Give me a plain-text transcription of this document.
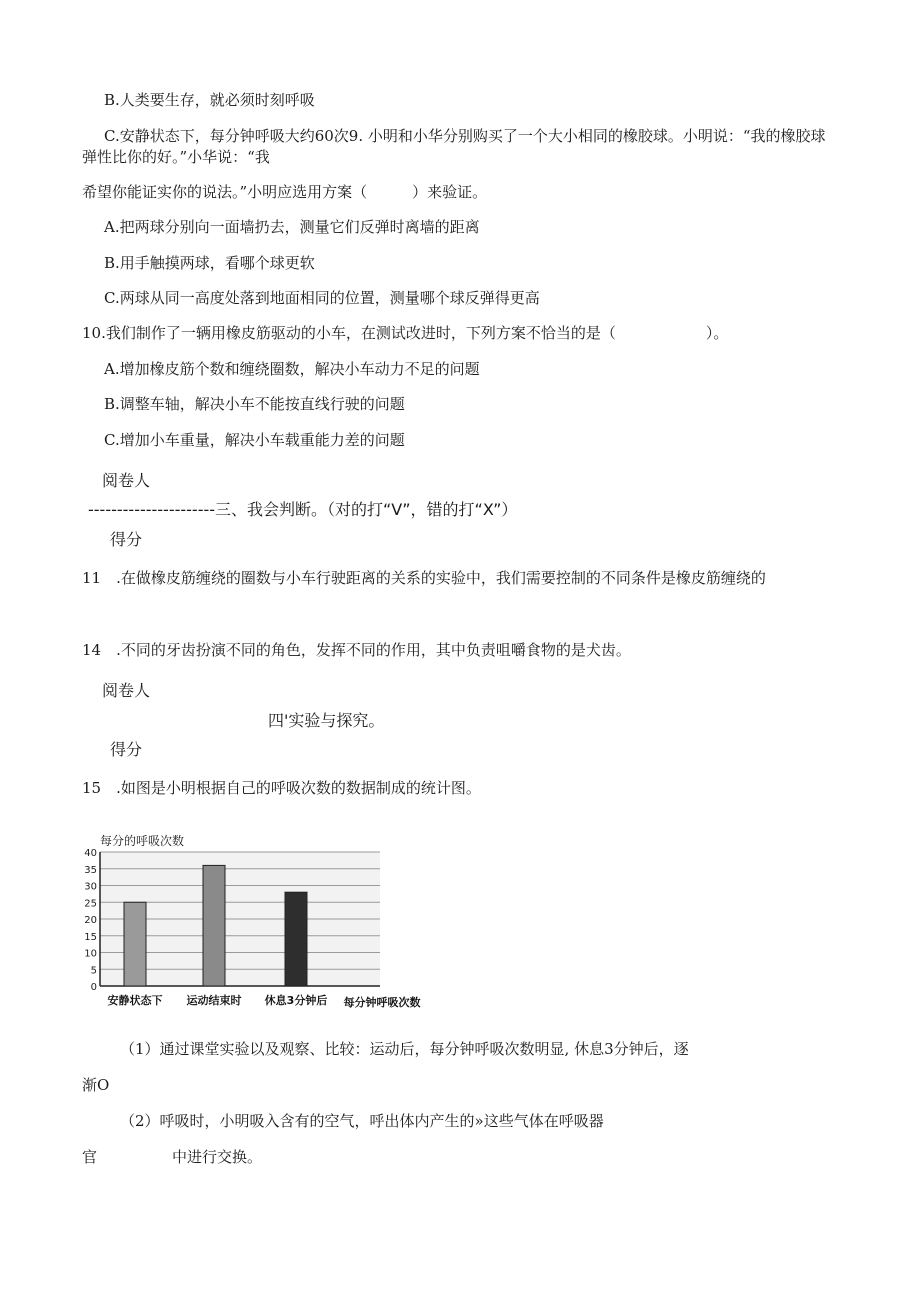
B.人类要生存，就必须时刻呼吸
C.安静状态下，每分钟呼吸大约60次9. 小明和小华分别购买了一个大小相同的橡胶球。小明说：“我的橡胶球
弹性比你的好。”小华说：“我
希望你能证实你的说法。”小明应选用方案（　　　）来验证。
A.把两球分别向一面墙扔去，测量它们反弹时离墙的距离
B.用手触摸两球，看哪个球更软
C.两球从同一高度处落到地面相同的位置，测量哪个球反弹得更高
10.我们制作了一辆用橡皮筋驱动的小车，在测试改进时，下列方案不恰当的是（　　　　　　）。
A.增加橡皮筋个数和缠绕圈数，解决小车动力不足的问题
B.调整车轴，解决小车不能按直线行驶的问题
C.增加小车重量，解决小车载重能力差的问题
阅卷人
----------------------三、我会判断。（对的打“V”，错的打“X”）
得分
11　.在做橡皮筋缠绕的圈数与小车行驶距离的关系的实验中，我们需要控制的不同条件是橡皮筋缠绕的
14　.不同的牙齿扮演不同的角色，发挥不同的作用，其中负责咀嚼食物的是犬齿。
阅卷人
四'实验与探究。
得分
15　.如图是小明根据自己的呼吸次数的数据制成的统计图。
每分的呼吸次数
0
5
10
15
20
25
30
35
40
安静状态下 运动结束时 休息3分钟后 每分钟呼吸次数
（1）通过课堂实验以及观察、比较：运动后，每分钟呼吸次数明显, 休息3分钟后，逐
渐O
（2）呼吸时，小明吸入含有的空气，呼出体内产生的»这些气体在呼吸器
官	中进行交换。
